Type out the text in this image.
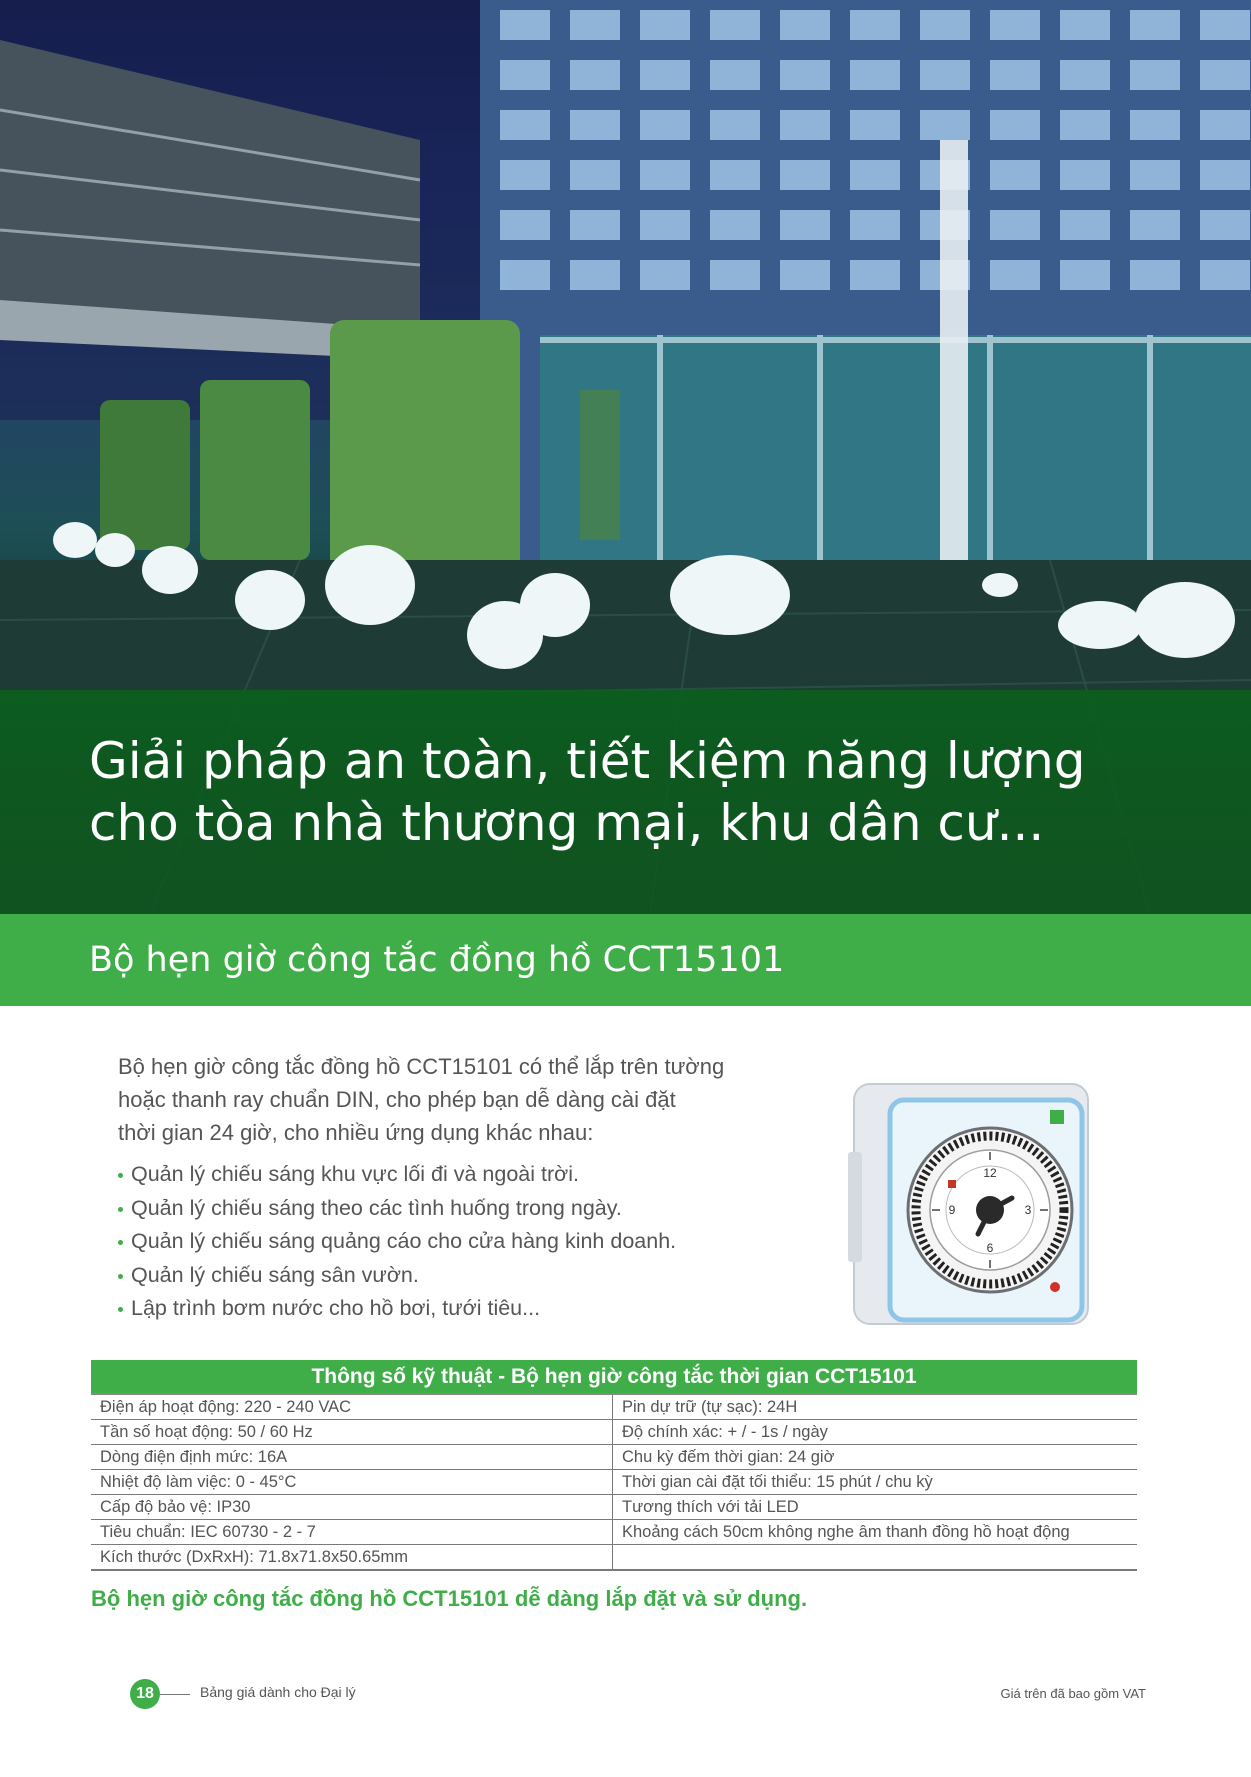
Giải pháp an toàn, tiết kiệm năng lượng
cho tòa nhà thương mại, khu dân cư...
Bộ hẹn giờ công tắc đồng hồ CCT15101

Bộ hẹn giờ công tắc đồng hồ CCT15101 có thể lắp trên tường
hoặc thanh ray chuẩn DIN, cho phép bạn dễ dàng cài đặt
thời gian 24 giờ, cho nhiều ứng dụng khác nhau:

Quản lý chiếu sáng khu vực lối đi và ngoài trời.
Quản lý chiếu sáng theo các tình huống trong ngày.
Quản lý chiếu sáng quảng cáo cho cửa hàng kinh doanh.
Quản lý chiếu sáng sân vườn.
Lập trình bơm nước cho hồ bơi, tưới tiêu...
12
3
6
9
Thông số kỹ thuật - Bộ hẹn giờ công tắc thời gian CCT15101	
Điện áp hoạt động: 220 - 240 VAC	Pin dự trữ (tự sạc): 24H
Tần số hoạt động: 50 / 60 Hz	Độ chính xác: + / - 1s / ngày
Dòng điện định mức: 16A	Chu kỳ đếm thời gian: 24 giờ
Nhiệt độ làm việc: 0 - 45°C	Thời gian cài đặt tối thiểu: 15 phút / chu kỳ
Cấp độ bảo vệ: IP30	Tương thích với tải LED
Tiêu chuẩn: IEC 60730 - 2 - 7	Khoảng cách 50cm không nghe âm thanh đồng hồ hoạt động
Kích thước (DxRxH): 71.8x71.8x50.65mm	

Bộ hẹn giờ công tắc đồng hồ CCT15101 dễ dàng lắp đặt và sử dụng.

18	Bảng giá dành cho Đại lý	Giá trên đã bao gồm VAT
